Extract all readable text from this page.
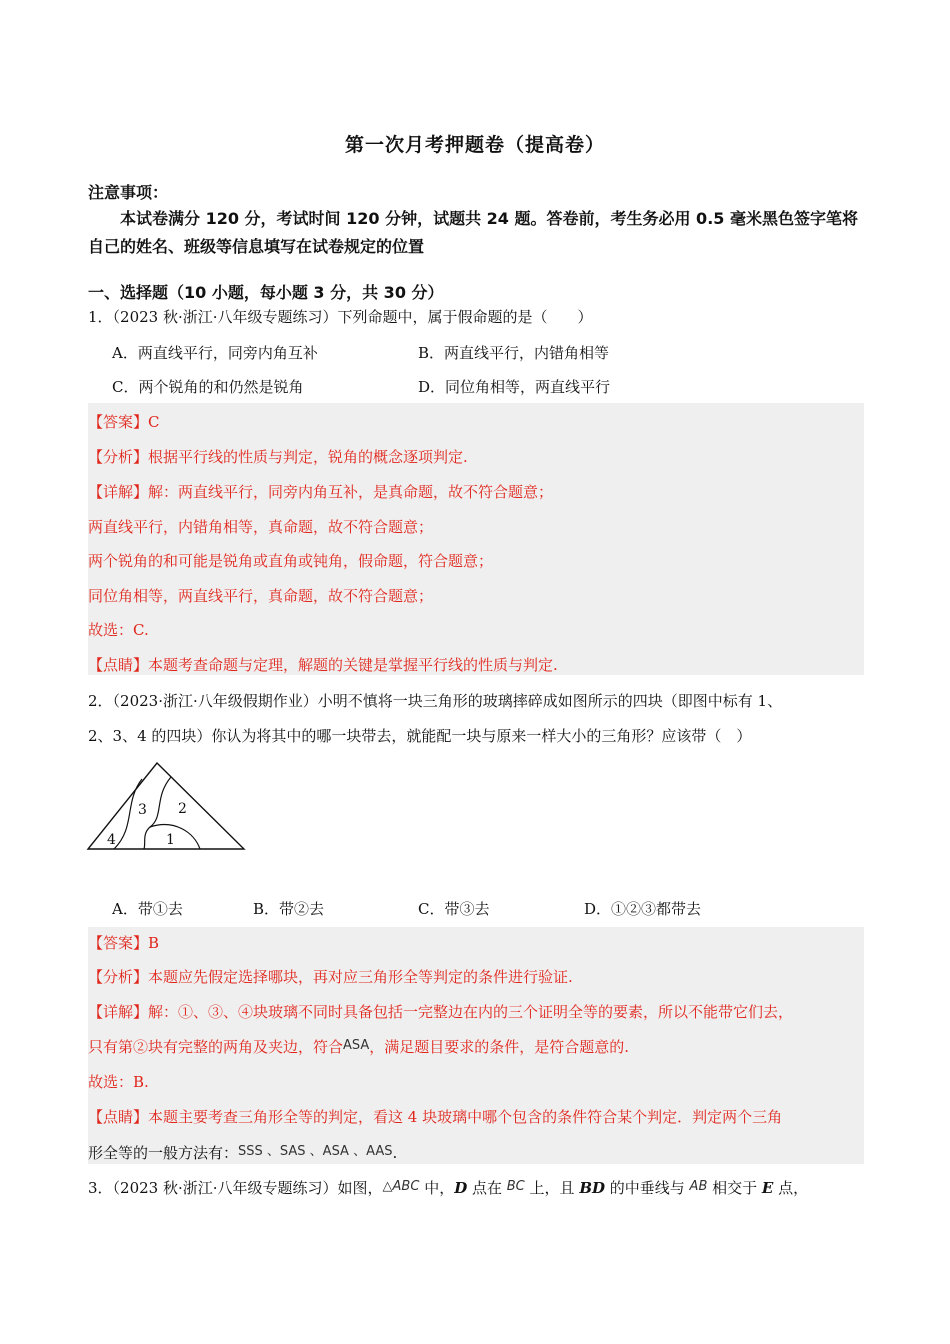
第一次月考押题卷（提高卷）
注意事项：
本试卷满分 120 分，考试时间 120 分钟，试题共 24 题。答卷前，考生务必用 0.5 毫米黑色签字笔将自己的姓名、班级等信息填写在试卷规定的位置
一、选择题（10 小题，每小题 3 分，共 30 分）
1．（2023 秋·浙江·八年级专题练习）下列命题中，属于假命题的是（　　）
A．两直线平行，同旁内角互补	B．两直线平行，内错角相等
C．两个锐角的和仍然是锐角	D．同位角相等，两直线平行
【答案】C
【分析】根据平行线的性质与判定，锐角的概念逐项判定.
【详解】解：两直线平行，同旁内角互补，是真命题，故不符合题意；
两直线平行，内错角相等，真命题，故不符合题意；
两个锐角的和可能是锐角或直角或钝角，假命题，符合题意；
同位角相等，两直线平行，真命题，故不符合题意；
故选：C.
【点睛】本题考查命题与定理，解题的关键是掌握平行线的性质与判定.
2．（2023·浙江·八年级假期作业）小明不慎将一块三角形的玻璃摔碎成如图所示的四块（即图中标有 1、
2、3、4 的四块）你认为将其中的哪一块带去，就能配一块与原来一样大小的三角形？应该带（　）
4
3 2
1
A．带①去	B．带②去	C．带③去	D．①②③都带去
【答案】B
【分析】本题应先假定选择哪块，再对应三角形全等判定的条件进行验证.
【详解】解：①、③、④块玻璃不同时具备包括一完整边在内的三个证明全等的要素，所以不能带它们去，
只有第②块有完整的两角及夹边，符合ASA，满足题目要求的条件，是符合题意的.
故选：B.
【点睛】本题主要考查三角形全等的判定，看这 4 块玻璃中哪个包含的条件符合某个判定．判定两个三角
形全等的一般方法有：SSS 、SAS 、ASA 、AAS.
3．（2023 秋·浙江·八年级专题练习）如图，△ABC 中，D 点在 BC 上，且 BD 的中垂线与 AB 相交于 E 点，
